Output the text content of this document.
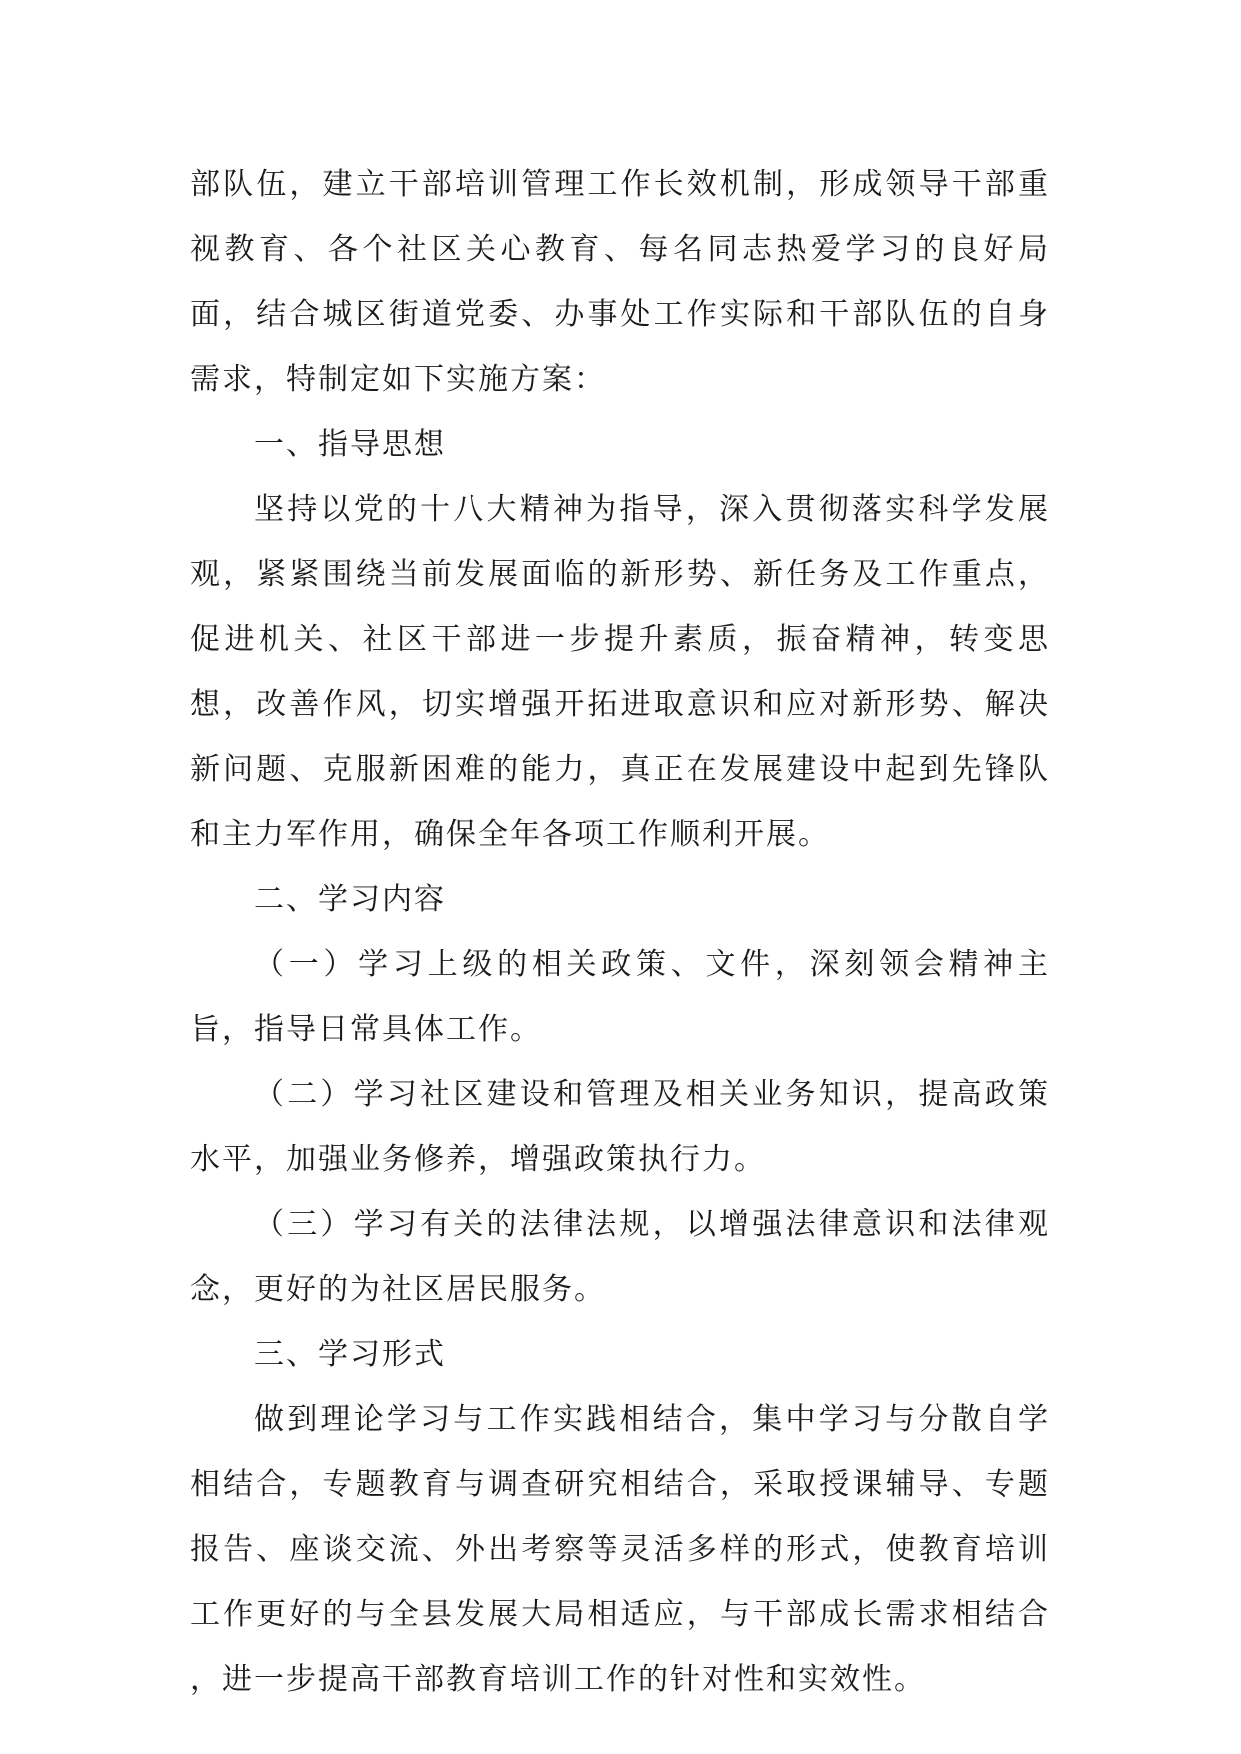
部队伍，建立干部培训管理工作长效机制，形成领导干部重视教育、各个社区关心教育、每名同志热爱学习的良好局面，结合城区街道党委、办事处工作实际和干部队伍的自身需求，特制定如下实施方案：

一、指导思想

坚持以党的十八大精神为指导，深入贯彻落实科学发展观，紧紧围绕当前发展面临的新形势、新任务及工作重点，促进机关、社区干部进一步提升素质，振奋精神，转变思想，改善作风，切实增强开拓进取意识和应对新形势、解决新问题、克服新困难的能力，真正在发展建设中起到先锋队和主力军作用，确保全年各项工作顺利开展。

二、学习内容

（一）学习上级的相关政策、文件，深刻领会精神主旨，指导日常具体工作。

（二）学习社区建设和管理及相关业务知识，提高政策水平，加强业务修养，增强政策执行力。

（三）学习有关的法律法规，以增强法律意识和法律观念，更好的为社区居民服务。

三、学习形式

做到理论学习与工作实践相结合，集中学习与分散自学相结合，专题教育与调查研究相结合，采取授课辅导、专题报告、座谈交流、外出考察等灵活多样的形式，使教育培训工作更好的与全县发展大局相适应，与干部成长需求相结合 ，进一步提高干部教育培训工作的针对性和实效性。
